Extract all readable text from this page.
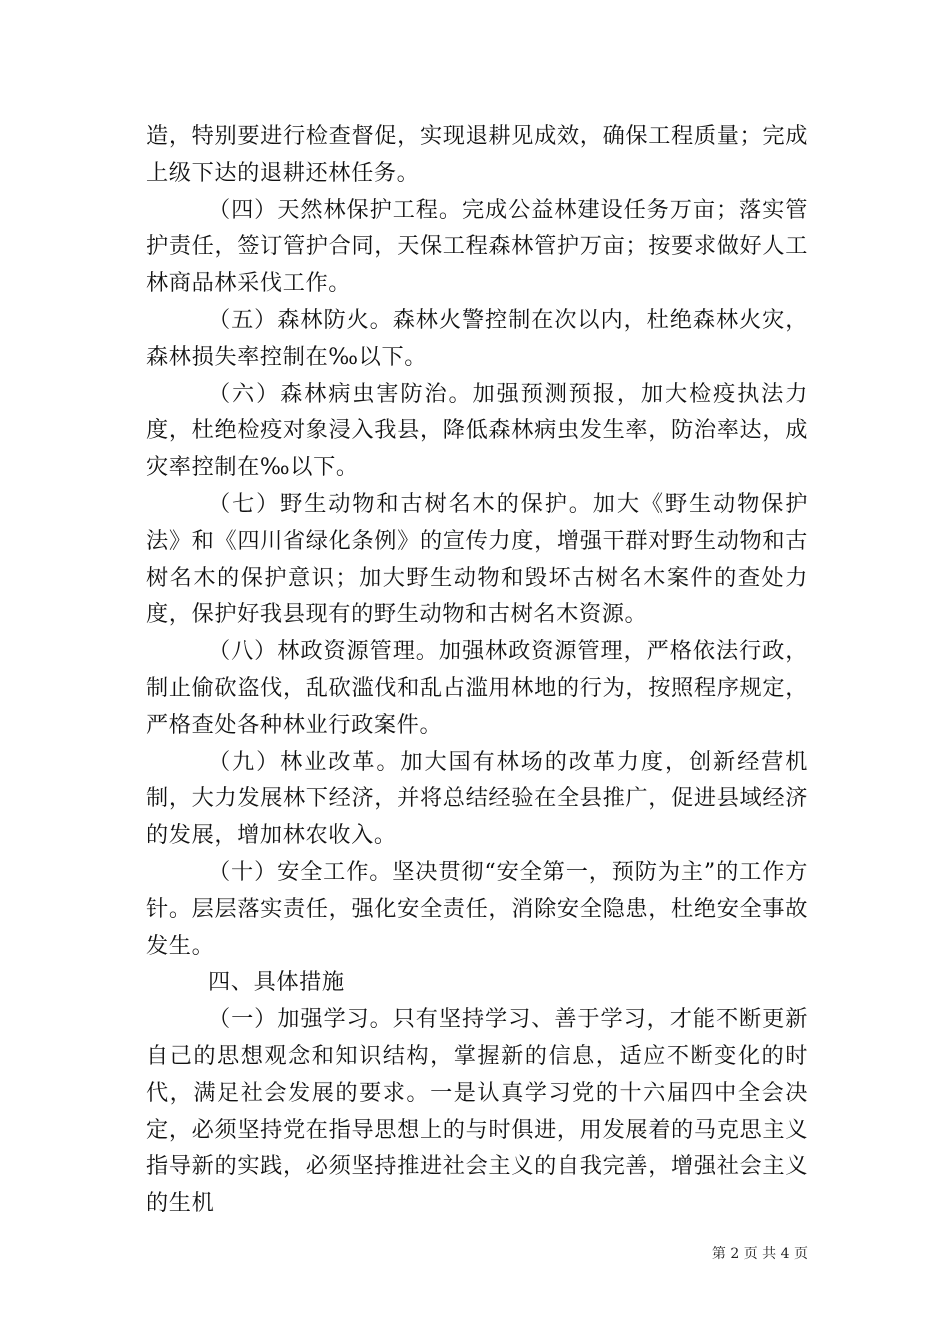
造，特别要进行检查督促，实现退耕见成效，确保工程质量；完成上级下达的退耕还林任务。

（四）天然林保护工程。完成公益林建设任务万亩；落实管护责任，签订管护合同，天保工程森林管护万亩；按要求做好人工林商品林采伐工作。

（五）森林防火。森林火警控制在次以内，杜绝森林火灾，森林损失率控制在‰以下。

（六）森林病虫害防治。加强预测预报，加大检疫执法力度，杜绝检疫对象浸入我县，降低森林病虫发生率，防治率达，成灾率控制在‰以下。

（七）野生动物和古树名木的保护。加大《野生动物保护法》和《四川省绿化条例》的宣传力度，增强干群对野生动物和古树名木的保护意识；加大野生动物和毁坏古树名木案件的查处力度，保护好我县现有的野生动物和古树名木资源。

（八）林政资源管理。加强林政资源管理，严格依法行政，制止偷砍盗伐，乱砍滥伐和乱占滥用林地的行为，按照程序规定，严格查处各种林业行政案件。

（九）林业改革。加大国有林场的改革力度，创新经营机制，大力发展林下经济，并将总结经验在全县推广，促进县域经济的发展，增加林农收入。

（十）安全工作。坚决贯彻“安全第一，预防为主”的工作方针。层层落实责任，强化安全责任，消除安全隐患，杜绝安全事故发生。

四、具体措施

（一）加强学习。只有坚持学习、善于学习，才能不断更新自己的思想观念和知识结构，掌握新的信息，适应不断变化的时代，满足社会发展的要求。一是认真学习党的十六届四中全会决定，必须坚持党在指导思想上的与时俱进，用发展着的马克思主义指导新的实践，必须坚持推进社会主义的自我完善，增强社会主义的生机

第 2 页 共 4 页
